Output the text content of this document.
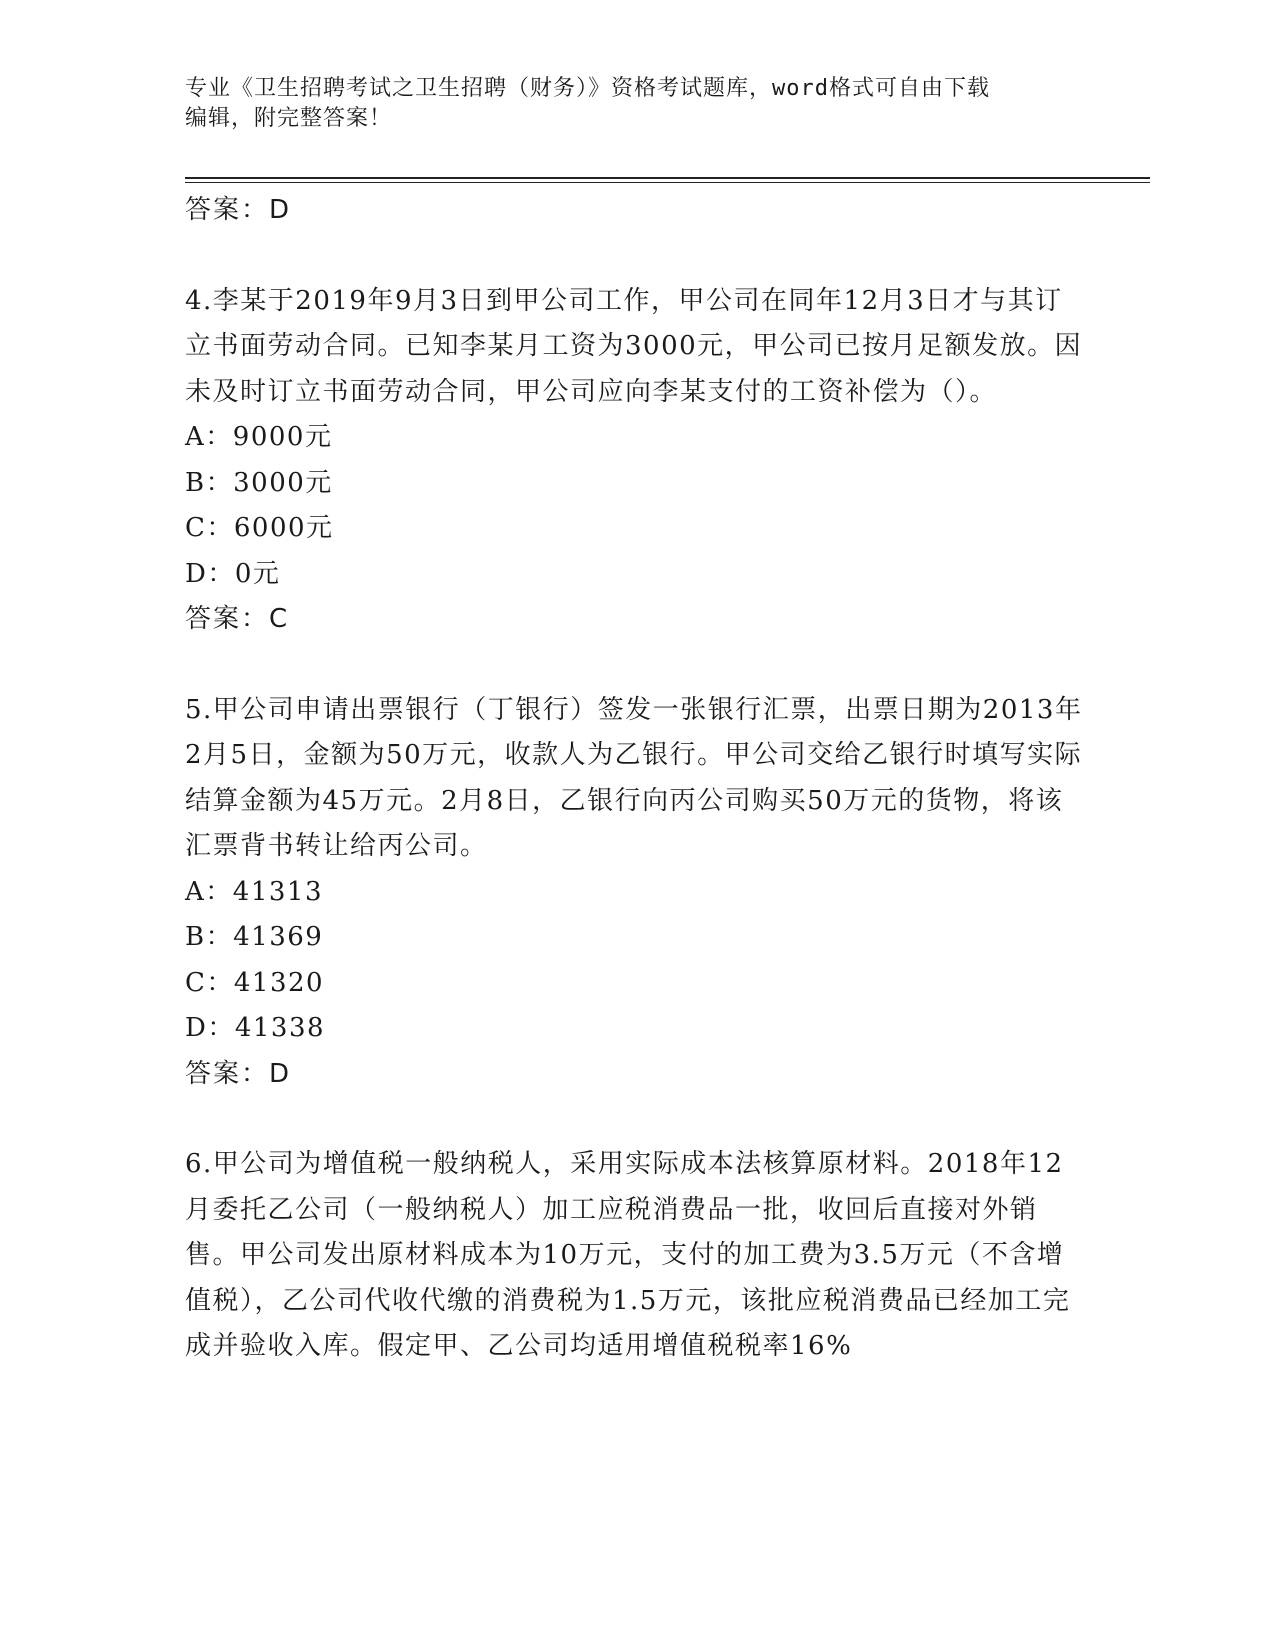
专业《卫生招聘考试之卫生招聘（财务）》资格考试题库，word格式可自由下载
编辑，附完整答案！
答案：D

4.李某于2019年9月3日到甲公司工作，甲公司在同年12月3日才与其订立书面劳动合同。已知李某月工资为3000元，甲公司已按月足额发放。因未及时订立书面劳动合同，甲公司应向李某支付的工资补偿为（）。

A：9000元
B：3000元
C：6000元
D：0元
答案：C

5.甲公司申请出票银行（丁银行）签发一张银行汇票，出票日期为2013年2月5日，金额为50万元，收款人为乙银行。甲公司交给乙银行时填写实际结算金额为45万元。2月8日，乙银行向丙公司购买50万元的货物，将该汇票背书转让给丙公司。

A：41313
B：41369
C：41320
D：41338
答案：D

6.甲公司为增值税一般纳税人，采用实际成本法核算原材料。2018年12月委托乙公司（一般纳税人）加工应税消费品一批，收回后直接对外销售。甲公司发出原材料成本为10万元，支付的加工费为3.5万元（不含增值税），乙公司代收代缴的消费税为1.5万元，该批应税消费品已经加工完成并验收入库。假定甲、乙公司均适用增值税税率16%
